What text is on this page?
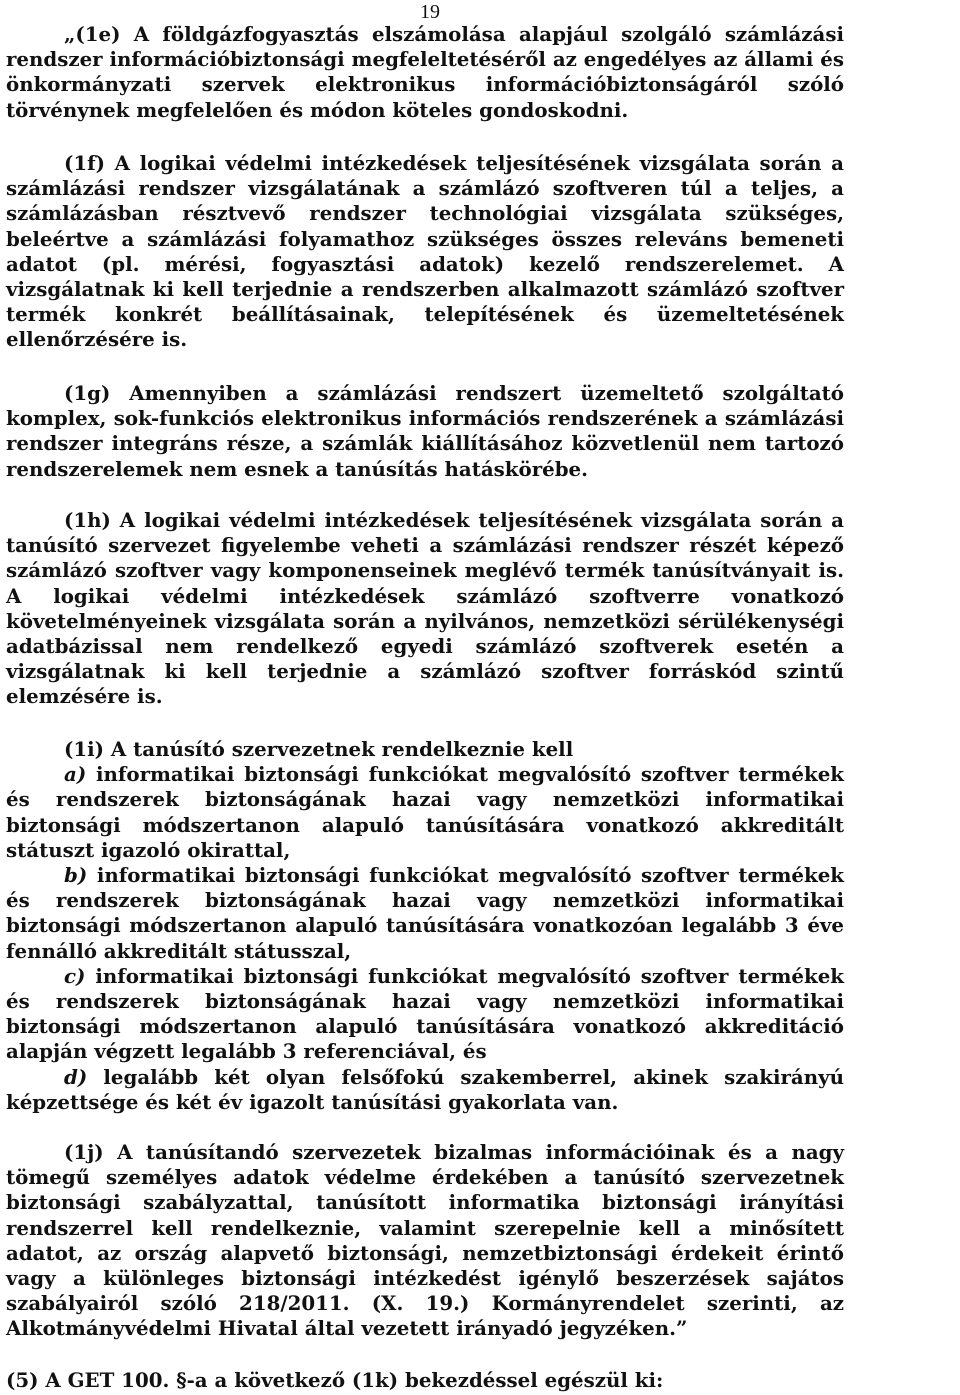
19

„(1e) A földgázfogyasztás elszámolása alapjául szolgáló számlázási rendszer információbiztonsági megfeleltetéséről az engedélyes az állami és önkormányzati szervek elektronikus információbiztonságáról szóló törvénynek megfelelően és módon köteles gondoskodni.

(1f) A logikai védelmi intézkedések teljesítésének vizsgálata során a számlázási rendszer vizsgálatának a számlázó szoftveren túl a teljes, a számlázásban résztvevő rendszer technológiai vizsgálata szükséges, beleértve a számlázási folyamathoz szükséges összes releváns bemeneti adatot (pl. mérési, fogyasztási adatok) kezelő rendszerelemet. A vizsgálatnak ki kell terjednie a rendszerben alkalmazott számlázó szoftver termék konkrét beállításainak, telepítésének és üzemeltetésének ellenőrzésére is.

(1g) Amennyiben a számlázási rendszert üzemeltető szolgáltató komplex, sok-funkciós elektronikus információs rendszerének a számlázási rendszer integráns része, a számlák kiállításához közvetlenül nem tartozó rendszerelemek nem esnek a tanúsítás hatáskörébe.

(1h) A logikai védelmi intézkedések teljesítésének vizsgálata során a tanúsító szervezet figyelembe veheti a számlázási rendszer részét képező számlázó szoftver vagy komponenseinek meglévő termék tanúsítványait is. A logikai védelmi intézkedések számlázó szoftverre vonatkozó követelményeinek vizsgálata során a nyilvános, nemzetközi sérülékenységi adatbázissal nem rendelkező egyedi számlázó szoftverek esetén a vizsgálatnak ki kell terjednie a számlázó szoftver forráskód szintű elemzésére is.

(1i) A tanúsító szervezetnek rendelkeznie kell
a) informatikai biztonsági funkciókat megvalósító szoftver termékek és rendszerek biztonságának hazai vagy nemzetközi informatikai biztonsági módszertanon alapuló tanúsítására vonatkozó akkreditált státuszt igazoló okirattal,
b) informatikai biztonsági funkciókat megvalósító szoftver termékek és rendszerek biztonságának hazai vagy nemzetközi informatikai biztonsági módszertanon alapuló tanúsítására vonatkozóan legalább 3 éve fennálló akkreditált státusszal,
c) informatikai biztonsági funkciókat megvalósító szoftver termékek és rendszerek biztonságának hazai vagy nemzetközi informatikai biztonsági módszertanon alapuló tanúsítására vonatkozó akkreditáció alapján végzett legalább 3 referenciával, és
d) legalább két olyan felsőfokú szakemberrel, akinek szakirányú képzettsége és két év igazolt tanúsítási gyakorlata van.

(1j) A tanúsítandó szervezetek bizalmas információinak és a nagy tömegű személyes adatok védelme érdekében a tanúsító szervezetnek biztonsági szabályzattal, tanúsított informatika biztonsági irányítási rendszerrel kell rendelkeznie, valamint szerepelnie kell a minősített adatot, az ország alapvető biztonsági, nemzetbiztonsági érdekeit érintő vagy a különleges biztonsági intézkedést igénylő beszerzések sajátos szabályairól szóló 218/2011. (X. 19.) Kormányrendelet szerinti, az Alkotmányvédelmi Hivatal által vezetett irányadó jegyzéken.”

(5) A GET 100. §-a a következő (1k) bekezdéssel egészül ki:
